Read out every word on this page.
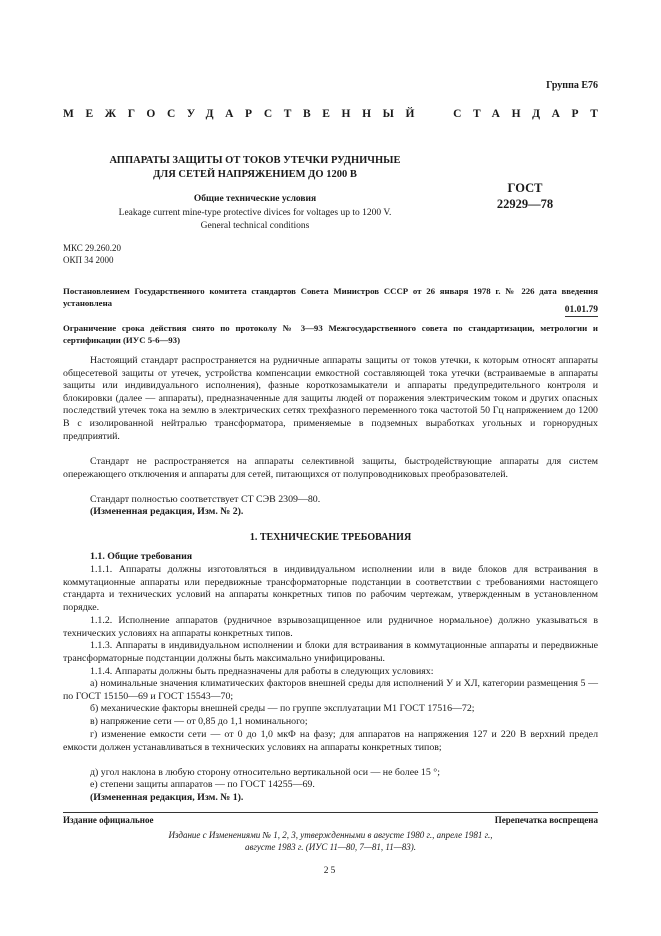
Группа Е76
МЕЖГОСУДАРСТВЕННЫЙ СТАНДАРТ
АППАРАТЫ ЗАЩИТЫ ОТ ТОКОВ УТЕЧКИ РУДНИЧНЫЕ
ДЛЯ СЕТЕЙ НАПРЯЖЕНИЕМ ДО 1200 В
ГОСТ
22929—78
Общие технические условия
Leakage current mine-type protective divices for voltages up to 1200 V.
General technical conditions
МКС 29.260.20
ОКП 34 2000
Постановлением Государственного комитета стандартов Совета Министров СССР от 26 января 1978 г. № 226 дата введения установлена
01.01.79
Ограничение срока действия снято по протоколу № 3—93 Межгосударственного совета по стандартизации, метрологии и сертификации (ИУС 5-6—93)
Настоящий стандарт распространяется на рудничные аппараты защиты от токов утечки, к которым относят аппараты общесетевой защиты от утечек, устройства компенсации емкостной составляющей тока утечки (встраиваемые в аппараты защиты или индивидуального исполнения), фазные короткозамыкатели и аппараты предупредительного контроля и блокировки (далее — аппараты), предназначенные для защиты людей от поражения электрическим током и других опасных последствий утечек тока на землю в электрических сетях трехфазного переменного тока частотой 50 Гц напряжением до 1200 В с изолированной нейтралью трансформатора, применяемые в подземных выработках угольных и горнорудных предприятий.
Стандарт не распространяется на аппараты селективной защиты, быстродействующие аппараты для систем опережающего отключения и аппараты для сетей, питающихся от полупроводниковых преобразователей.
Стандарт полностью соответствует СТ СЭВ 2309—80.
(Измененная редакция, Изм. № 2).
1. ТЕХНИЧЕСКИЕ ТРЕБОВАНИЯ
1.1. Общие требования
1.1.1. Аппараты должны изготовляться в индивидуальном исполнении или в виде блоков для встраивания в коммутационные аппараты или передвижные трансформаторные подстанции в соответствии с требованиями настоящего стандарта и технических условий на аппараты конкретных типов по рабочим чертежам, утвержденным в установленном порядке.
1.1.2. Исполнение аппаратов (рудничное взрывозащищенное или рудничное нормальное) должно указываться в технических условиях на аппараты конкретных типов.
1.1.3. Аппараты в индивидуальном исполнении и блоки для встраивания в коммутационные аппараты и передвижные трансформаторные подстанции должны быть максимально унифицированы.
1.1.4. Аппараты должны быть предназначены для работы в следующих условиях:
а) номинальные значения климатических факторов внешней среды для исполнений У и ХЛ, категории размещения 5 — по ГОСТ 15150—69 и ГОСТ 15543—70;
б) механические факторы внешней среды — по группе эксплуатации М1 ГОСТ 17516—72;
в) напряжение сети — от 0,85 до 1,1 номинального;
г) изменение емкости сети — от 0 до 1,0 мкФ на фазу; для аппаратов на напряжения 127 и 220 В верхний предел емкости должен устанавливаться в технических условиях на аппараты конкретных типов;
д) угол наклона в любую сторону относительно вертикальной оси — не более 15 °;
е) степени защиты аппаратов — по ГОСТ 14255—69.
(Измененная редакция, Изм. № 1).
Издание официальное	Перепечатка воспрещена
Издание с Изменениями № 1, 2, 3, утвержденными в августе 1980 г., апреле 1981 г.,
августе 1983 г. (ИУС 11—80, 7—81, 11—83).
25
